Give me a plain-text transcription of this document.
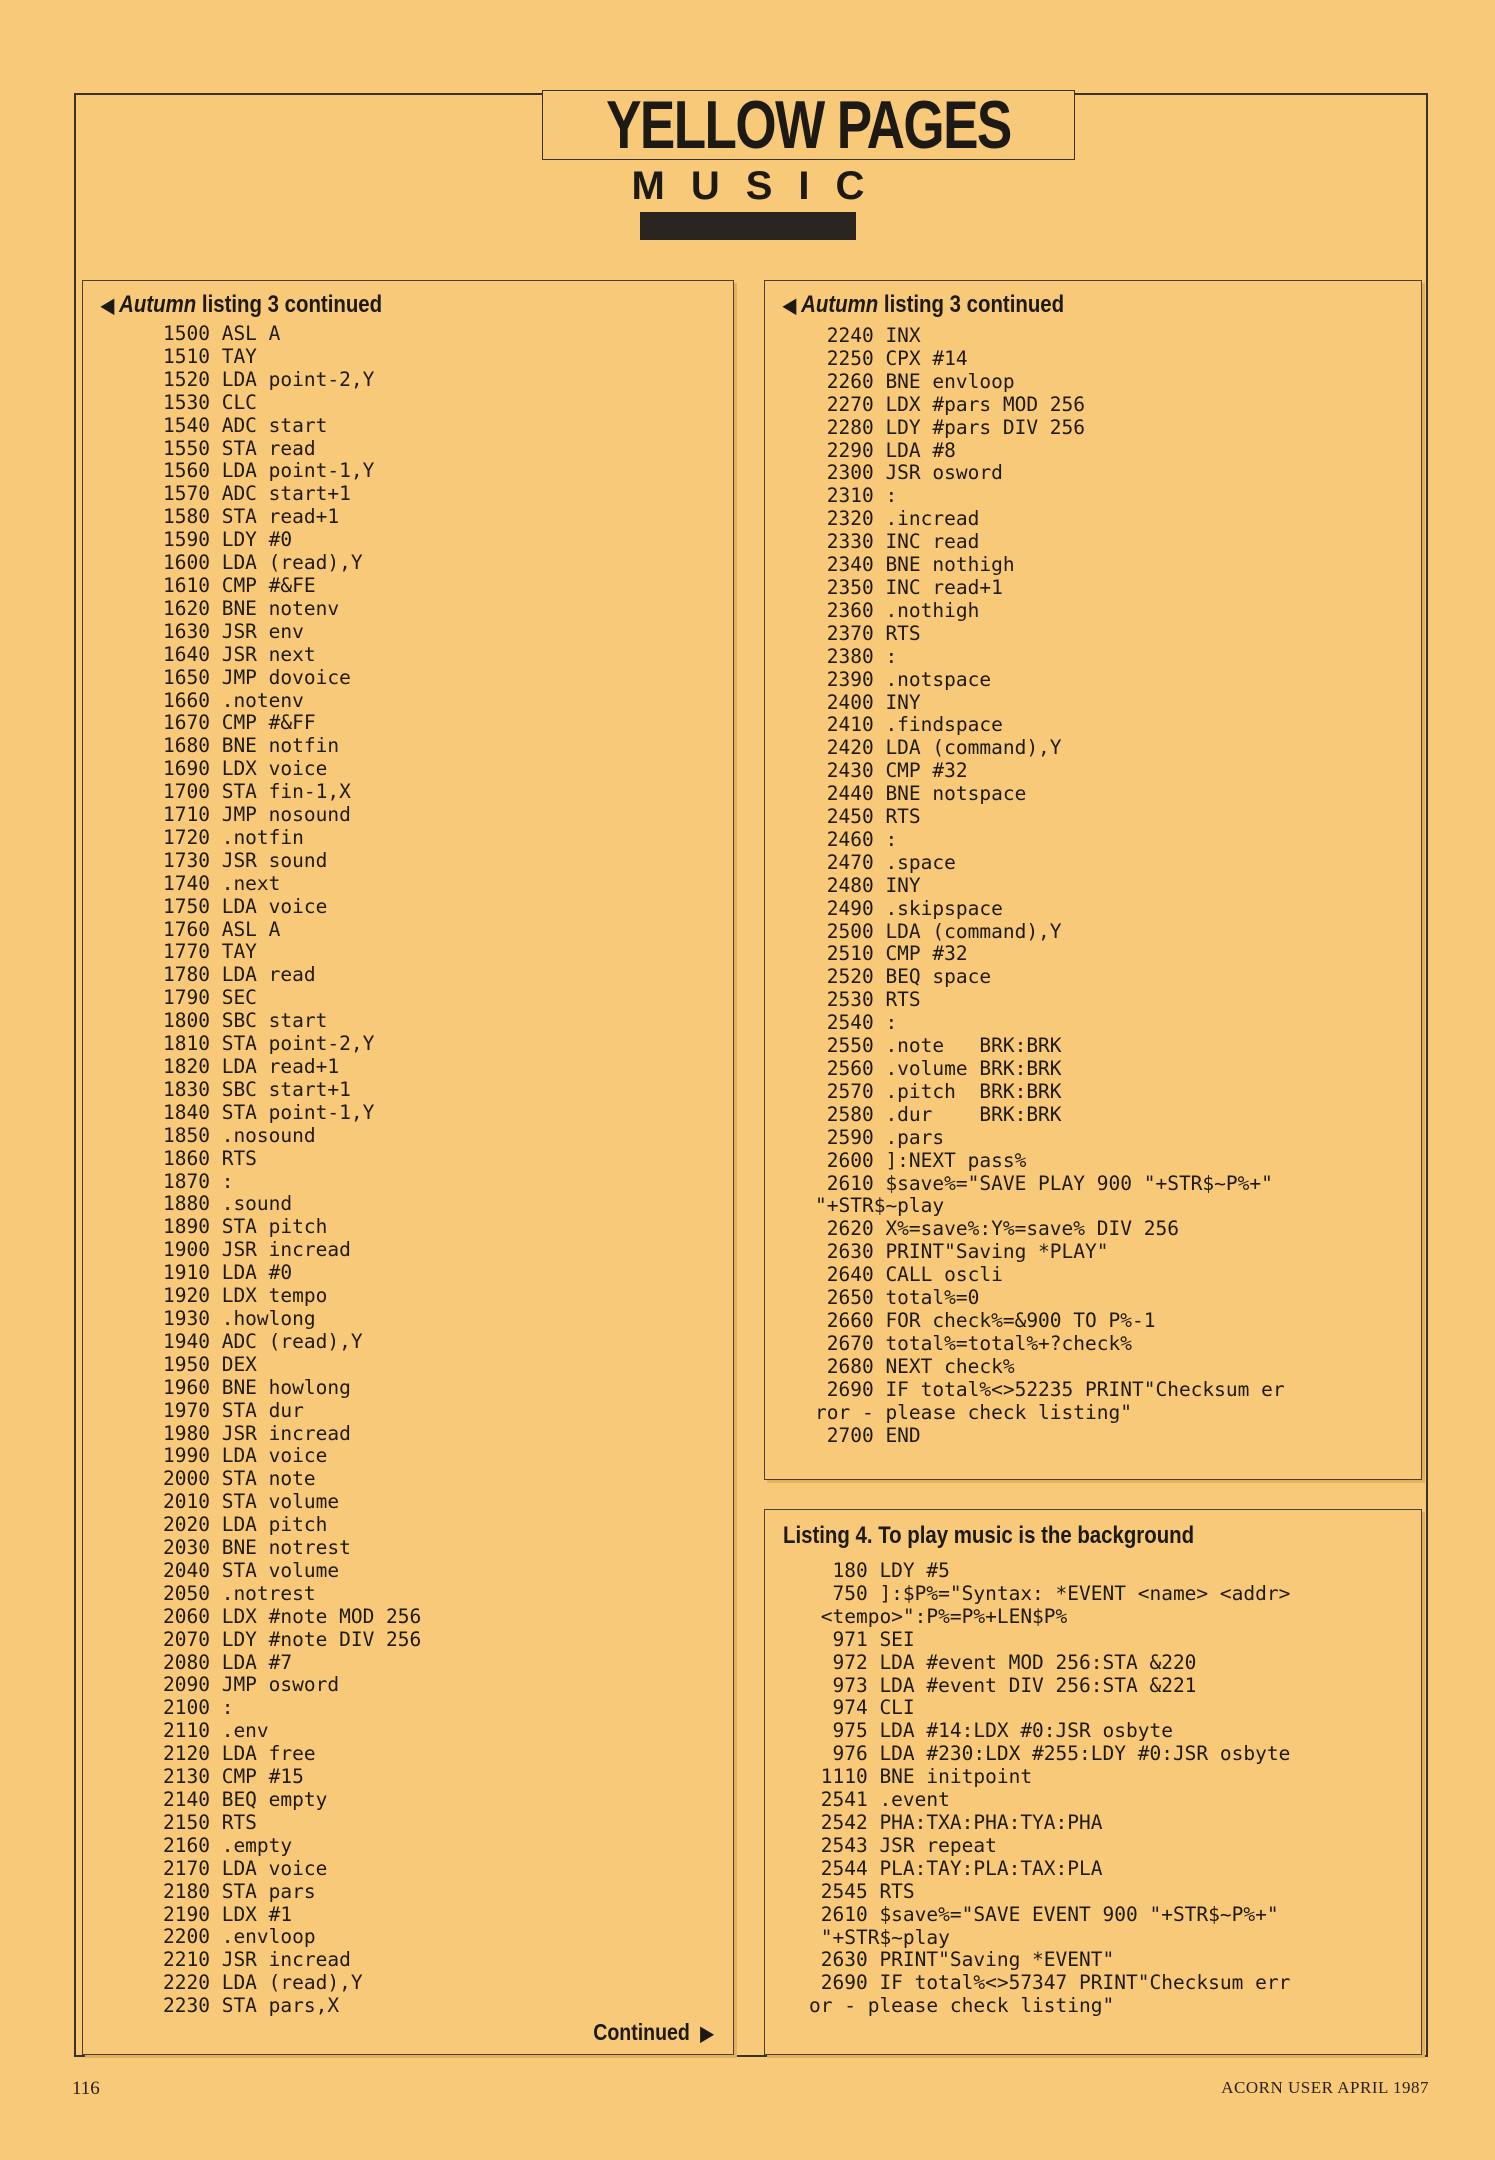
YELLOW PAGES
MUSIC
◀ Autumn listing 3 continued
1500 ASL A
1510 TAY
1520 LDA point-2,Y
1530 CLC
1540 ADC start
1550 STA read
1560 LDA point-1,Y
1570 ADC start+1
1580 STA read+1
1590 LDY #0
1600 LDA (read),Y
1610 CMP #&FE
1620 BNE notenv
1630 JSR env
1640 JSR next
1650 JMP dovoice
1660 .notenv
1670 CMP #&FF
1680 BNE notfin
1690 LDX voice
1700 STA fin-1,X
1710 JMP nosound
1720 .notfin
1730 JSR sound
1740 .next
1750 LDA voice
1760 ASL A
1770 TAY
1780 LDA read
1790 SEC
1800 SBC start
1810 STA point-2,Y
1820 LDA read+1
1830 SBC start+1
1840 STA point-1,Y
1850 .nosound
1860 RTS
1870 :
1880 .sound
1890 STA pitch
1900 JSR incread
1910 LDA #0
1920 LDX tempo
1930 .howlong
1940 ADC (read),Y
1950 DEX
1960 BNE howlong
1970 STA dur
1980 JSR incread
1990 LDA voice
2000 STA note
2010 STA volume
2020 LDA pitch
2030 BNE notrest
2040 STA volume
2050 .notrest
2060 LDX #note MOD 256
2070 LDY #note DIV 256
2080 LDA #7
2090 JMP osword
2100 :
2110 .env
2120 LDA free
2130 CMP #15
2140 BEQ empty
2150 RTS
2160 .empty
2170 LDA voice
2180 STA pars
2190 LDX #1
2200 .envloop
2210 JSR incread
2220 LDA (read),Y
2230 STA pars,X
Continued ▶
◀ Autumn listing 3 continued
2240 INX
2250 CPX #14
2260 BNE envloop
2270 LDX #pars MOD 256
2280 LDY #pars DIV 256
2290 LDA #8
2300 JSR osword
2310 :
2320 .incread
2330 INC read
2340 BNE nothigh
2350 INC read+1
2360 .nothigh
2370 RTS
2380 :
2390 .notspace
2400 INY
2410 .findspace
2420 LDA (command),Y
2430 CMP #32
2440 BNE notspace
2450 RTS
2460 :
2470 .space
2480 INY
2490 .skipspace
2500 LDA (command),Y
2510 CMP #32
2520 BEQ space
2530 RTS
2540 :
2550 .note   BRK:BRK
2560 .volume BRK:BRK
2570 .pitch  BRK:BRK
2580 .dur    BRK:BRK
2590 .pars
2600 ]:NEXT pass%
2610 $save%="SAVE PLAY 900 "+STR$~P%+"
"+STR$~play
2620 X%=save%:Y%=save% DIV 256
2630 PRINT"Saving *PLAY"
2640 CALL oscli
2650 total%=0
2660 FOR check%=&900 TO P%-1
2670 total%=total%+?check%
2680 NEXT check%
2690 IF total%<>52235 PRINT"Checksum er
ror - please check listing"
2700 END
Listing 4. To play music is the background
180 LDY #5
750 ]:$P%="Syntax: *EVENT <name> <addr>
<tempo>":P%=P%+LEN$P%
971 SEI
972 LDA #event MOD 256:STA &220
973 LDA #event DIV 256:STA &221
974 CLI
975 LDA #14:LDX #0:JSR osbyte
976 LDA #230:LDX #255:LDY #0:JSR osbyte
1110 BNE initpoint
2541 .event
2542 PHA:TXA:PHA:TYA:PHA
2543 JSR repeat
2544 PLA:TAY:PLA:TAX:PLA
2545 RTS
2610 $save%="SAVE EVENT 900 "+STR$~P%+"
"+STR$~play
2630 PRINT"Saving *EVENT"
2690 IF total%<>57347 PRINT"Checksum err
or - please check listing"
116	ACORN USER APRIL 1987
